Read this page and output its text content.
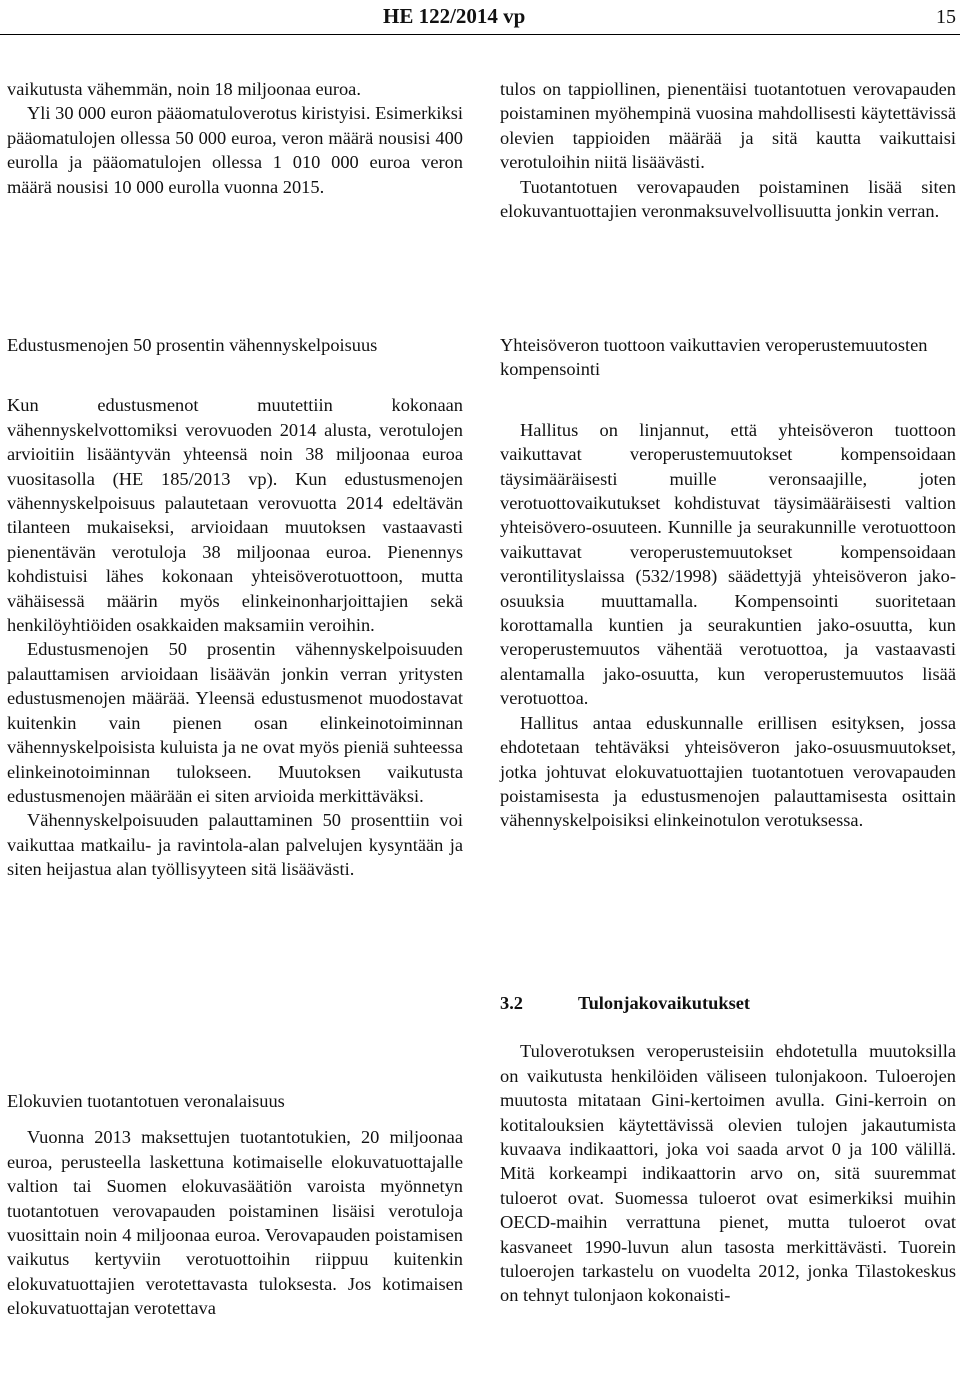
HE 122/2014 vp	15

vaikutusta vähemmän, noin 18 miljoonaa euroa.

Yli 30 000 euron pääomatuloverotus kiristyisi. Esimerkiksi pääomatulojen ollessa 50 000 euroa, veron määrä nousisi 400 eurolla ja pääomatulojen ollessa 1 010 000 euroa veron määrä nousisi 10 000 eurolla vuonna 2015.

Edustusmenojen 50 prosentin vähennyskelpoisuus

Kun edustusmenot muutettiin kokonaan vähennyskelvottomiksi verovuoden 2014 alusta, verotulojen arvioitiin lisääntyvän yhteensä noin 38 miljoonaa euroa vuositasolla (HE 185/2013 vp). Kun edustusmenojen vähennyskelpoisuus palautetaan verovuotta 2014 edeltävän tilanteen mukaiseksi, arvioidaan muutoksen vastaavasti pienentävän verotuloja 38 miljoonaa euroa. Pienennys kohdistuisi lähes kokonaan yhteisöverotuottoon, mutta vähäisessä määrin myös elinkeinonharjoittajien sekä henkilöyhtiöiden osakkaiden maksamiin veroihin.

Edustusmenojen 50 prosentin vähennyskelpoisuuden palauttamisen arvioidaan lisäävän jonkin verran yritysten edustusmenojen määrää. Yleensä edustusmenot muodostavat kuitenkin vain pienen osan elinkeinotoiminnan vähennyskelpoisista kuluista ja ne ovat myös pieniä suhteessa elinkeinotoiminnan tulokseen. Muutoksen vaikutusta edustusmenojen määrään ei siten arvioida merkittäväksi.

Vähennyskelpoisuuden palauttaminen 50 prosenttiin voi vaikuttaa matkailu- ja ravintola-alan palvelujen kysyntään ja siten heijastua alan työllisyyteen sitä lisäävästi.

Elokuvien tuotantotuen veronalaisuus

Vuonna 2013 maksettujen tuotantotukien, 20 miljoonaa euroa, perusteella laskettuna kotimaiselle elokuvatuottajalle valtion tai Suomen elokuvasäätiön varoista myönnetyn tuotantotuen verovapauden poistaminen lisäisi verotuloja vuosittain noin 4 miljoonaa euroa. Verovapauden poistamisen vaikutus kertyviin verotuottoihin riippuu kuitenkin elokuvatuottajien verotettavasta tuloksesta. Jos kotimaisen elokuvatuottajan verotettava

tulos on tappiollinen, pienentäisi tuotantotuen verovapauden poistaminen myöhempinä vuosina mahdollisesti käytettävissä olevien tappioiden määrää ja sitä kautta vaikuttaisi verotuloihin niitä lisäävästi.

Tuotantotuen verovapauden poistaminen lisää siten elokuvantuottajien veronmaksuvelvollisuutta jonkin verran.

Yhteisöveron tuottoon vaikuttavien veroperustemuutosten kompensointi

Hallitus on linjannut, että yhteisöveron tuottoon vaikuttavat veroperustemuutokset kompensoidaan täysimääräisesti muille veronsaajille, joten verotuottovaikutukset kohdistuvat täysimääräisesti valtion yhteisövero-osuuteen. Kunnille ja seurakunnille verotuottoon vaikuttavat veroperustemuutokset kompensoidaan verontilityslaissa (532/1998) säädettyjä yhteisöveron jako-osuuksia muuttamalla. Kompensointi suoritetaan korottamalla kuntien ja seurakuntien jako-osuutta, kun veroperustemuutos vähentää verotuottoa, ja vastaavasti alentamalla jako-osuutta, kun veroperustemuutos lisää verotuottoa.

Hallitus antaa eduskunnalle erillisen esityksen, jossa ehdotetaan tehtäväksi yhteisöveron jako-osuusmuutokset, jotka johtuvat elokuvatuottajien tuotantotuen verovapauden poistamisesta ja edustusmenojen palauttamisesta osittain vähennyskelpoisiksi elinkeinotulon verotuksessa.

3.2	Tulonjakovaikutukset

Tuloverotuksen veroperusteisiin ehdotetulla muutoksilla on vaikutusta henkilöiden väliseen tulonjakoon. Tuloerojen muutosta mitataan Gini-kertoimen avulla. Gini-kerroin on kotitalouksien käytettävissä olevien tulojen jakautumista kuvaava indikaattori, joka voi saada arvot 0 ja 100 välillä. Mitä korkeampi indikaattorin arvo on, sitä suuremmat tuloerot ovat. Suomessa tuloerot ovat esimerkiksi muihin OECD-maihin verrattuna pienet, mutta tuloerot ovat kasvaneet 1990-luvun alun tasosta merkittävästi. Tuorein tuloerojen tarkastelu on vuodelta 2012, jonka Tilastokeskus on tehnyt tulonjaon kokonaisti-
